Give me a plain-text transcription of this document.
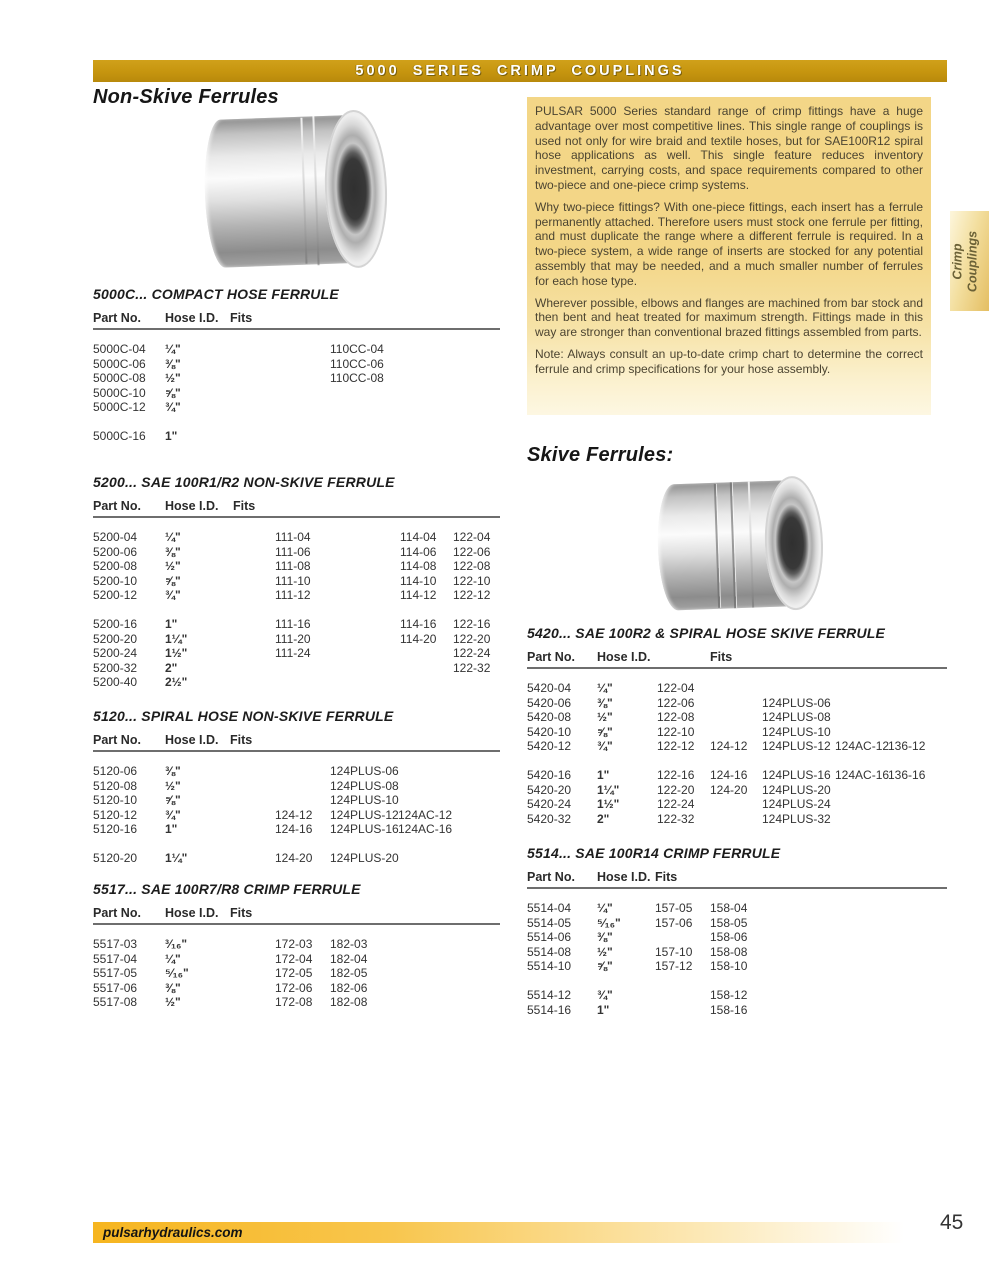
5000 SERIES CRIMP COUPLINGS
Non-Skive Ferrules

PULSAR 5000 Series standard range of crimp fittings have a huge advantage over most competitive lines. This single range of couplings is used not only for wire braid and textile hoses, but for SAE100R12 spiral hose applications as well. This single feature reduces inventory investment, carrying costs, and space requirements compared to other two-piece and one-piece crimp systems.

Why two-piece fittings? With one-piece fittings, each insert has a ferrule permanently attached. Therefore users must stock one ferrule per fitting, and must duplicate the range where a different ferrule is required. In a two-piece system, a wide range of inserts are stocked for any potential assembly that may be needed, and a much smaller number of ferrules for each hose type.

Wherever possible, elbows and flanges are machined from bar stock and then bent and heat treated for maximum strength. Fittings made in this way are stronger than conventional brazed fittings assembled from parts.

Note: Always consult an up-to-date crimp chart to determine the correct ferrule and crimp specifications for your hose assembly.

Skive Ferrules:
Crimp
Couplings
pulsarhydraulics.com	45
5000C... COMPACT HOSE FERRULE
Part No. Hose I.D. Fits
5000C-04 ¼"	110CC-04
5000C-06 ⅜"	110CC-06
5000C-08 ½"	110CC-08
5000C-10 ⅝"
5000C-12 ¾"
5000C-16 1"
5200... SAE 100R1/R2 NON-SKIVE FERRULE
Part No. Hose I.D. Fits
5200-04 ¼"	111-04	114-04 122-04
5200-06 ⅜"	111-06	114-06 122-06
5200-08 ½"	111-08	114-08 122-08
5200-10 ⅝"	111-10	114-10 122-10
5200-12 ¾"	111-12	114-12 122-12
5200-16 1"	111-16	114-16 122-16
5200-20 1¼"	111-20	114-20 122-20
5200-24 1½"	111-24	122-24
5200-32 2"	122-32
5200-40 2½"
5120... SPIRAL HOSE NON-SKIVE FERRULE
Part No. Hose I.D. Fits
5120-06 ⅜"	124PLUS-06
5120-08 ½"	124PLUS-08
5120-10 ⅝"	124PLUS-10
5120-12 ¾"	124-12 124PLUS-12 124AC-12
5120-16 1"	124-16 124PLUS-16 124AC-16
5120-20 1¼"	124-20 124PLUS-20
5517... SAE 100R7/R8 CRIMP FERRULE
Part No. Hose I.D. Fits
5517-03 ³⁄₁₆"	172-03 182-03
5517-04 ¼"	172-04 182-04
5517-05 ⁵⁄₁₆"	172-05 182-05
5517-06 ⅜"	172-06 182-06
5517-08 ½"	172-08 182-08
5420... SAE 100R2 & SPIRAL HOSE SKIVE FERRULE
Part No. Hose I.D.	Fits
5420-04 ¼"	122-04
5420-06 ⅜"	122-06	124PLUS-06
5420-08 ½"	122-08	124PLUS-08
5420-10 ⅝"	122-10	124PLUS-10
5420-12 ¾"	122-12 124-12 124PLUS-12 124AC-12
136-12
5420-16 1"	122-16 124-16 124PLUS-16 124AC-16
136-16
5420-20 1¼"	122-20 124-20 124PLUS-20
5420-24 1½"	122-24	124PLUS-24
5420-32 2"	122-32	124PLUS-32
5514... SAE 100R14 CRIMP FERRULE
Part No. Hose I.D. Fits
5514-04 ¼"	157-05 158-04
5514-05 ⁵⁄₁₆"	157-06 158-05
5514-06 ⅜"	158-06
5514-08 ½"	157-10 158-08
5514-10 ⅝"	157-12 158-10
5514-12 ¾"	158-12
5514-16 1"	158-16
